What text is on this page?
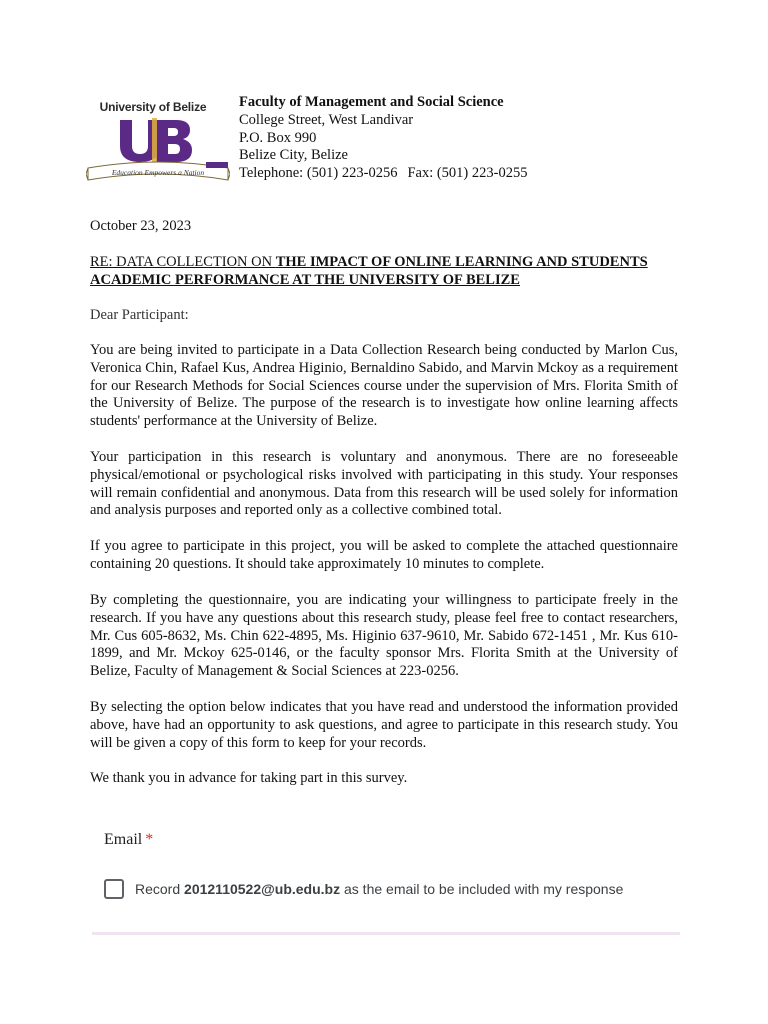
University of Belize
Education Empowers a Nation
Faculty of Management and Social Science
College Street, West Landivar
P.O. Box 990
Belize City, Belize
Telephone: (501) 223-0256 Fax: (501) 223-0255
October 23, 2023
RE: DATA COLLECTION ON THE IMPACT OF ONLINE LEARNING AND STUDENTS ACADEMIC PERFORMANCE AT THE UNIVERSITY OF BELIZE
Dear Participant:

You are being invited to participate in a Data Collection Research being conducted by Marlon Cus, Veronica Chin, Rafael Kus, Andrea Higinio, Bernaldino Sabido, and Marvin Mckoy as a requirement for our Research Methods for Social Sciences course under the supervision of Mrs. Florita Smith of the University of Belize. The purpose of the research is to investigate how online learning affects students' performance at the University of Belize.

Your participation in this research is voluntary and anonymous. There are no foreseeable physical/emotional or psychological risks involved with participating in this study. Your responses will remain confidential and anonymous. Data from this research will be used solely for information and analysis purposes and reported only as a collective combined total.

If you agree to participate in this project, you will be asked to complete the attached questionnaire containing 20 questions. It should take approximately 10 minutes to complete.

By completing the questionnaire, you are indicating your willingness to participate freely in the research. If you have any questions about this research study, please feel free to contact researchers, Mr. Cus 605-8632, Ms. Chin 622-4895, Ms. Higinio 637-9610, Mr. Sabido 672-1451 , Mr. Kus 610-1899, and Mr. Mckoy 625-0146, or the faculty sponsor Mrs. Florita Smith at the University of Belize, Faculty of Management & Social Sciences at 223-0256.

By selecting the option below indicates that you have read and understood the information provided above, have had an opportunity to ask questions, and agree to participate in this research study. You will be given a copy of this form to keep for your records.

We thank you in advance for taking part in this survey.

Email *
Record 2012110522@ub.edu.bz as the email to be included with my response
